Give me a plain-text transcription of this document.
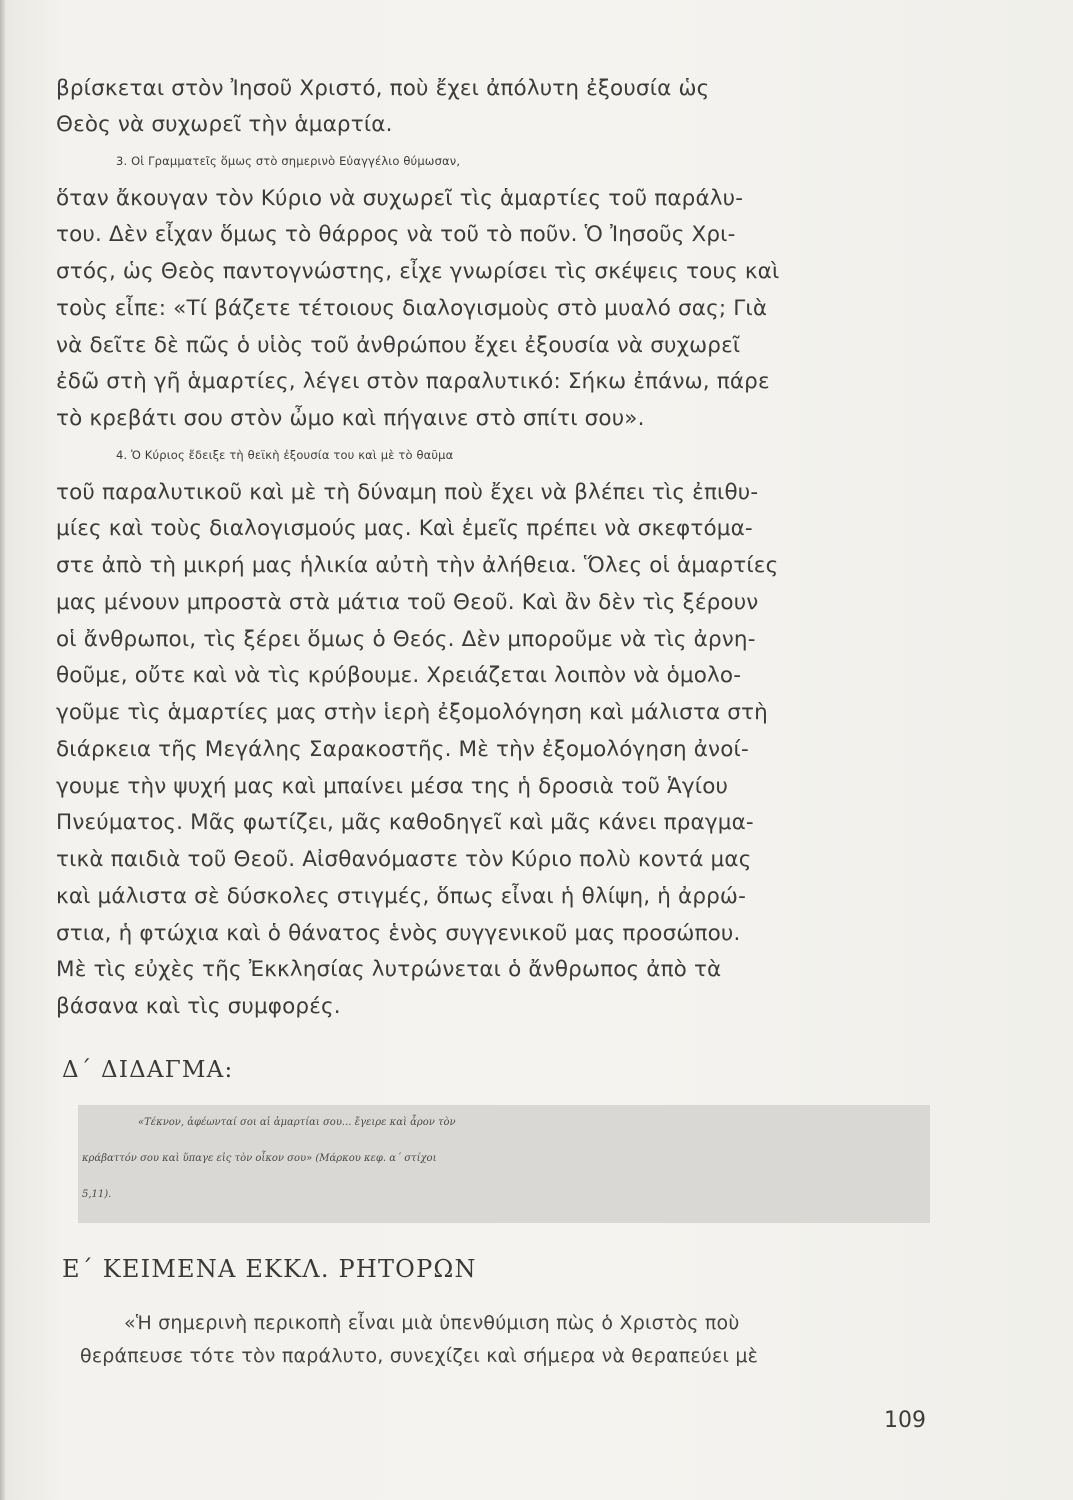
βρίσκεται στὸν Ἰησοῦ Χριστό, ποὺ ἔχει ἀπόλυτη ἐξουσία ὡς
Θεὸς νὰ συχωρεῖ τὴν ἁμαρτία.
3. Οἱ Γραμματεῖς ὅμως στὸ σημερινὸ Εὐαγγέλιο θύμωσαν,
ὅταν ἄκουγαν τὸν Κύριο νὰ συχωρεῖ τὶς ἁμαρτίες τοῦ παράλυ-
του. Δὲν εἶχαν ὅμως τὸ θάρρος νὰ τοῦ τὸ ποῦν. Ὁ Ἰησοῦς Χρι-
στός, ὡς Θεὸς παντογνώστης, εἶχε γνωρίσει τὶς σκέψεις τους καὶ
τοὺς εἶπε: «Τί βάζετε τέτοιους διαλογισμοὺς στὸ μυαλό σας; Γιὰ
νὰ δεῖτε δὲ πῶς ὁ υἱὸς τοῦ ἀνθρώπου ἔχει ἐξουσία νὰ συχωρεῖ
ἐδῶ στὴ γῆ ἁμαρτίες, λέγει στὸν παραλυτικό: Σήκω ἐπάνω, πάρε
τὸ κρεβάτι σου στὸν ὦμο καὶ πήγαινε στὸ σπίτι σου».
4. Ὁ Κύριος ἔδειξε τὴ θεϊκὴ ἐξουσία του καὶ μὲ τὸ θαῦμα
τοῦ παραλυτικοῦ καὶ μὲ τὴ δύναμη ποὺ ἔχει νὰ βλέπει τὶς ἐπιθυ-
μίες καὶ τοὺς διαλογισμούς μας. Καὶ ἐμεῖς πρέπει νὰ σκεφτόμα-
στε ἀπὸ τὴ μικρή μας ἡλικία αὐτὴ τὴν ἀλήθεια. Ὅλες οἱ ἁμαρτίες
μας μένουν μπροστὰ στὰ μάτια τοῦ Θεοῦ. Καὶ ἂν δὲν τὶς ξέρουν
οἱ ἄνθρωποι, τὶς ξέρει ὅμως ὁ Θεός. Δὲν μποροῦμε νὰ τὶς ἀρνη-
θοῦμε, οὔτε καὶ νὰ τὶς κρύβουμε. Χρειάζεται λοιπὸν νὰ ὁμολο-
γοῦμε τὶς ἁμαρτίες μας στὴν ἱερὴ ἐξομολόγηση καὶ μάλιστα στὴ
διάρκεια τῆς Μεγάλης Σαρακοστῆς. Μὲ τὴν ἐξομολόγηση ἀνοί-
γουμε τὴν ψυχή μας καὶ μπαίνει μέσα της ἡ δροσιὰ τοῦ Ἁγίου
Πνεύματος. Μᾶς φωτίζει, μᾶς καθοδηγεῖ καὶ μᾶς κάνει πραγμα-
τικὰ παιδιὰ τοῦ Θεοῦ. Αἰσθανόμαστε τὸν Κύριο πολὺ κοντά μας
καὶ μάλιστα σὲ δύσκολες στιγμές, ὅπως εἶναι ἡ θλίψη, ἡ ἀρρώ-
στια, ἡ φτώχια καὶ ὁ θάνατος ἑνὸς συγγενικοῦ μας προσώπου.
Μὲ τὶς εὐχὲς τῆς Ἐκκλησίας λυτρώνεται ὁ ἄνθρωπος ἀπὸ τὰ
βάσανα καὶ τὶς συμφορές.
Δ΄ ΔΙΔΑΓΜΑ:
«Τέκνον, ἀφέωνταί σοι αἱ ἁμαρτίαι σου... ἔγειρε καὶ ἆρον τὸν
κράβαττόν σου καὶ ὕπαγε εἰς τὸν οἶκον σου» (Μάρκου κεφ. α΄ στίχοι
5,11).
Ε΄ ΚΕΙΜΕΝΑ ΕΚΚΛ. ΡΗΤΟΡΩΝ
«Ἡ σημερινὴ περικοπὴ εἶναι μιὰ ὑπενθύμιση πὼς ὁ Χριστὸς ποὺ
θεράπευσε τότε τὸν παράλυτο, συνεχίζει καὶ σήμερα νὰ θεραπεύει μὲ
109
